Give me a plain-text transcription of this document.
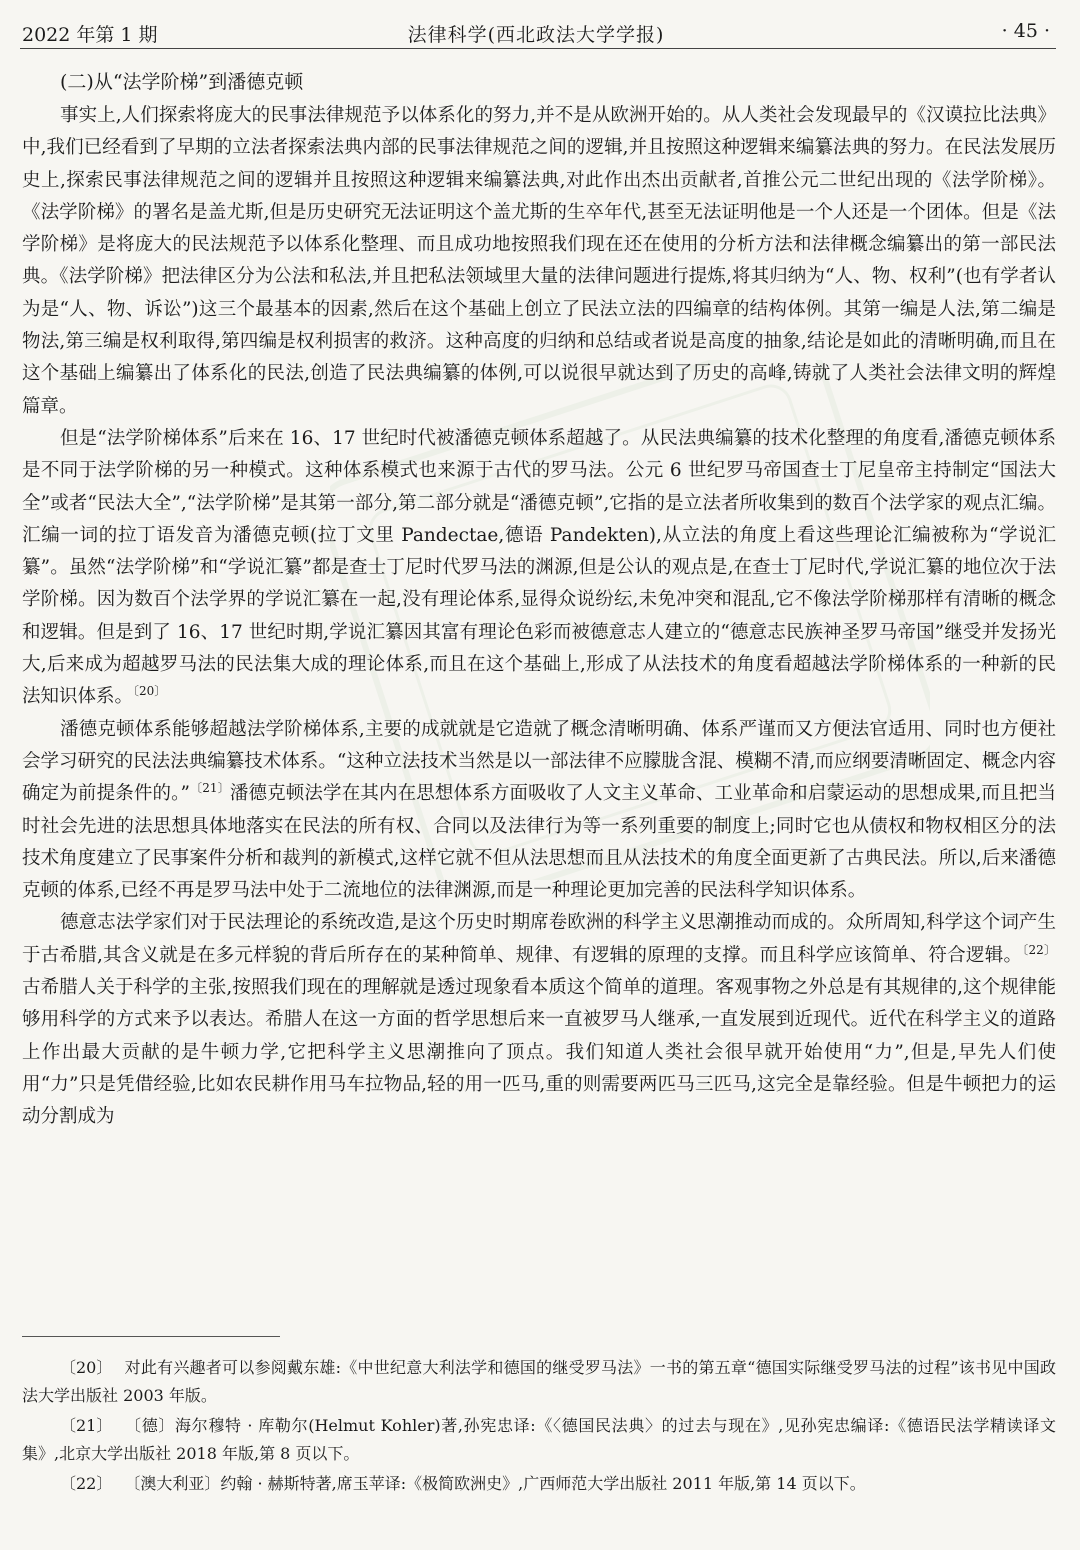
2022 年第 1 期	法律科学(西北政法大学学报)	· 45 ·
(二)从“法学阶梯”到潘德克顿

事实上,人们探索将庞大的民事法律规范予以体系化的努力,并不是从欧洲开始的。从人类社会发现最早的《汉谟拉比法典》中,我们已经看到了早期的立法者探索法典内部的民事法律规范之间的逻辑,并且按照这种逻辑来编纂法典的努力。在民法发展历史上,探索民事法律规范之间的逻辑并且按照这种逻辑来编纂法典,对此作出杰出贡献者,首推公元二世纪出现的《法学阶梯》。《法学阶梯》的署名是盖尤斯,但是历史研究无法证明这个盖尤斯的生卒年代,甚至无法证明他是一个人还是一个团体。但是《法学阶梯》是将庞大的民法规范予以体系化整理、而且成功地按照我们现在还在使用的分析方法和法律概念编纂出的第一部民法典。《法学阶梯》把法律区分为公法和私法,并且把私法领域里大量的法律问题进行提炼,将其归纳为“人、物、权利”(也有学者认为是“人、物、诉讼”)这三个最基本的因素,然后在这个基础上创立了民法立法的四编章的结构体例。其第一编是人法,第二编是物法,第三编是权利取得,第四编是权利损害的救济。这种高度的归纳和总结或者说是高度的抽象,结论是如此的清晰明确,而且在这个基础上编纂出了体系化的民法,创造了民法典编纂的体例,可以说很早就达到了历史的高峰,铸就了人类社会法律文明的辉煌篇章。

但是“法学阶梯体系”后来在 16、17 世纪时代被潘德克顿体系超越了。从民法典编纂的技术化整理的角度看,潘德克顿体系是不同于法学阶梯的另一种模式。这种体系模式也来源于古代的罗马法。公元 6 世纪罗马帝国查士丁尼皇帝主持制定“国法大全”或者“民法大全”,“法学阶梯”是其第一部分,第二部分就是“潘德克顿”,它指的是立法者所收集到的数百个法学家的观点汇编。汇编一词的拉丁语发音为潘德克顿(拉丁文里 Pandectae,德语 Pandekten),从立法的角度上看这些理论汇编被称为“学说汇纂”。虽然“法学阶梯”和“学说汇纂”都是查士丁尼时代罗马法的渊源,但是公认的观点是,在查士丁尼时代,学说汇纂的地位次于法学阶梯。因为数百个法学界的学说汇纂在一起,没有理论体系,显得众说纷纭,未免冲突和混乱,它不像法学阶梯那样有清晰的概念和逻辑。但是到了 16、17 世纪时期,学说汇纂因其富有理论色彩而被德意志人建立的“德意志民族神圣罗马帝国”继受并发扬光大,后来成为超越罗马法的民法集大成的理论体系,而且在这个基础上,形成了从法技术的角度看超越法学阶梯体系的一种新的民法知识体系。$^{〔20〕}$

潘德克顿体系能够超越法学阶梯体系,主要的成就就是它造就了概念清晰明确、体系严谨而又方便法官适用、同时也方便社会学习研究的民法法典编纂技术体系。“这种立法技术当然是以一部法律不应朦胧含混、模糊不清,而应纲要清晰固定、概念内容确定为前提条件的。”$^{〔21〕}$潘德克顿法学在其内在思想体系方面吸收了人文主义革命、工业革命和启蒙运动的思想成果,而且把当时社会先进的法思想具体地落实在民法的所有权、合同以及法律行为等一系列重要的制度上;同时它也从债权和物权相区分的法技术角度建立了民事案件分析和裁判的新模式,这样它就不但从法思想而且从法技术的角度全面更新了古典民法。所以,后来潘德克顿的体系,已经不再是罗马法中处于二流地位的法律渊源,而是一种理论更加完善的民法科学知识体系。

德意志法学家们对于民法理论的系统改造,是这个历史时期席卷欧洲的科学主义思潮推动而成的。众所周知,科学这个词产生于古希腊,其含义就是在多元样貌的背后所存在的某种简单、规律、有逻辑的原理的支撑。而且科学应该简单、符合逻辑。$^{〔22〕}$古希腊人关于科学的主张,按照我们现在的理解就是透过现象看本质这个简单的道理。客观事物之外总是有其规律的,这个规律能够用科学的方式来予以表达。希腊人在这一方面的哲学思想后来一直被罗马人继承,一直发展到近现代。近代在科学主义的道路上作出最大贡献的是牛顿力学,它把科学主义思潮推向了顶点。我们知道人类社会很早就开始使用“力”,但是,早先人们使用“力”只是凭借经验,比如农民耕作用马车拉物品,轻的用一匹马,重的则需要两匹马三匹马,这完全是靠经验。但是牛顿把力的运动分割成为

〔20〕 对此有兴趣者可以参阅戴东雄:《中世纪意大利法学和德国的继受罗马法》一书的第五章“德国实际继受罗马法的过程”该书见中国政法大学出版社 2003 年版。
〔21〕 〔德〕海尔穆特 · 库勒尔(Helmut Kohler)著,孙宪忠译:《〈德国民法典〉的过去与现在》,见孙宪忠编译:《德语民法学精读译文集》,北京大学出版社 2018 年版,第 8 页以下。
〔22〕 〔澳大利亚〕约翰 · 赫斯特著,席玉苹译:《极简欧洲史》,广西师范大学出版社 2011 年版,第 14 页以下。
